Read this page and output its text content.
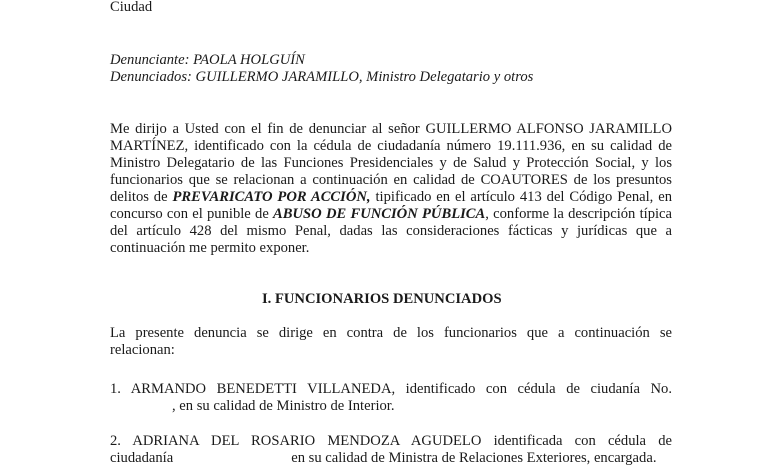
Ciudad
Denunciante: PAOLA HOLGUÍN
Denunciados: GUILLERMO JARAMILLO, Ministro Delegatario y otros
Me dirijo a Usted con el fin de denunciar al señor GUILLERMO ALFONSO JARAMILLO
MARTÍNEZ, identificado con la cédula de ciudadanía número 19.111.936, en su calidad de
Ministro Delegatario de las Funciones Presidenciales y de Salud y Protección Social, y los
funcionarios que se relacionan a continuación en calidad de COAUTORES de los presuntos
delitos de PREVARICATO POR ACCIÓN, tipificado en el artículo 413 del Código Penal, en
concurso con el punible de ABUSO DE FUNCIÓN PÚBLICA, conforme la descripción típica
del artículo 428 del mismo Penal, dadas las consideraciones fácticas y jurídicas que a
continuación me permito exponer.
I. FUNCIONARIOS DENUNCIADOS
La presente denuncia se dirige en contra de los funcionarios que a continuación se
relacionan:
1. ARMANDO BENEDETTI VILLANEDA, identificado con cédula de ciudanía No.
, en su calidad de Ministro de Interior.
2. ADRIANA DEL ROSARIO MENDOZA AGUDELO identificada con cédula de
ciudadanía	en su calidad de Ministra de Relaciones Exteriores, encargada.
